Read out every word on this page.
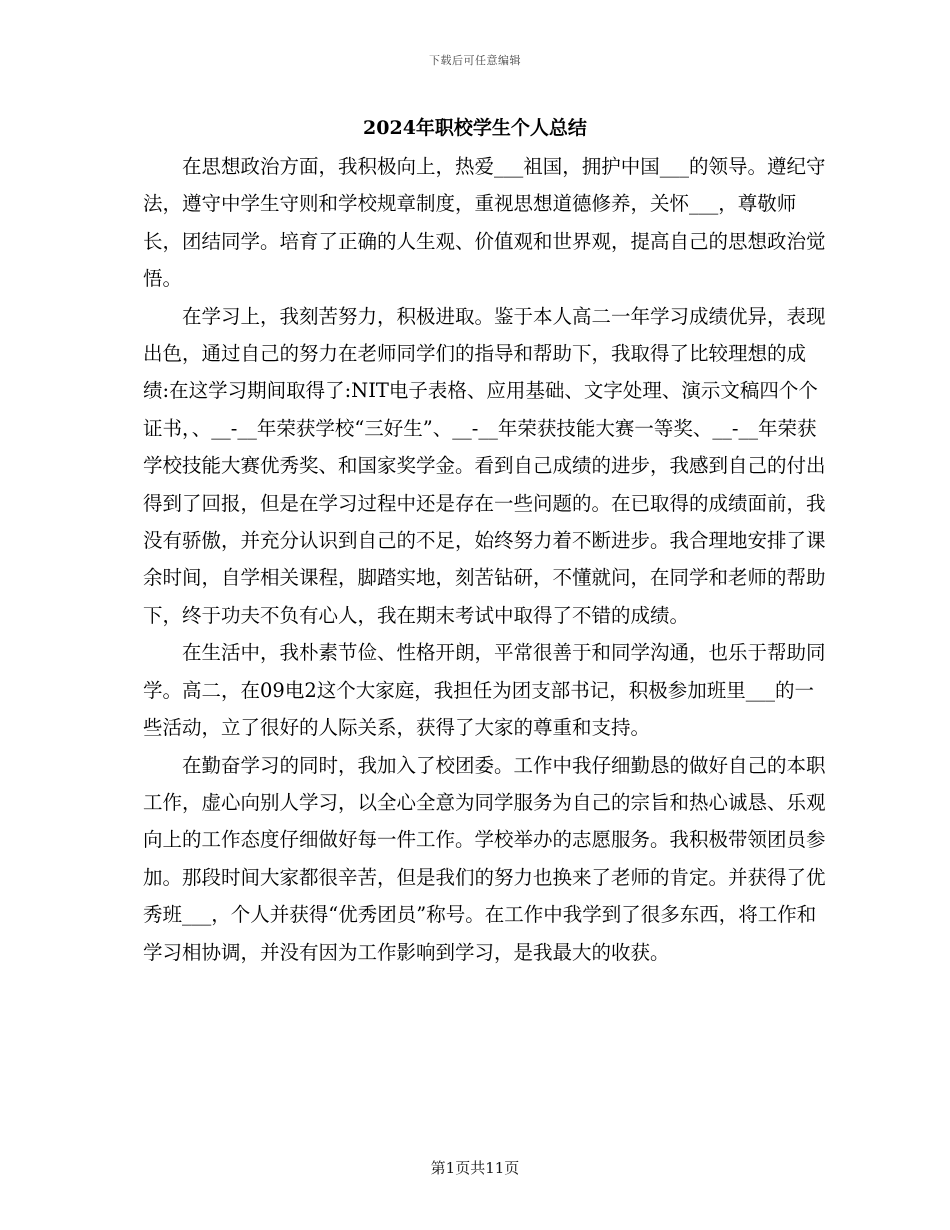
下载后可任意编辑
2024年职校学生个人总结

在思想政治方面，我积极向上，热爱___祖国，拥护中国___的领导。遵纪守法，遵守中学生守则和学校规章制度，重视思想道德修养，关怀___，尊敬师长，团结同学。培育了正确的人生观、价值观和世界观，提高自己的思想政治觉悟。

在学习上，我刻苦努力，积极进取。鉴于本人高二一年学习成绩优异，表现出色，通过自己的努力在老师同学们的指导和帮助下，我取得了比较理想的成绩:在这学习期间取得了:NIT电子表格、应用基础、文字处理、演示文稿四个个证书，、__-__年荣获学校“三好生”、__-__年荣获技能大赛一等奖、__-__年荣获学校技能大赛优秀奖、和国家奖学金。看到自己成绩的进步，我感到自己的付出得到了回报，但是在学习过程中还是存在一些问题的。在已取得的成绩面前，我没有骄傲，并充分认识到自己的不足，始终努力着不断进步。我合理地安排了课余时间，自学相关课程，脚踏实地，刻苦钻研，不懂就问，在同学和老师的帮助下，终于功夫不负有心人，我在期末考试中取得了不错的成绩。

在生活中，我朴素节俭、性格开朗，平常很善于和同学沟通，也乐于帮助同学。高二，在09电2这个大家庭，我担任为团支部书记，积极参加班里___的一些活动，立了很好的人际关系，获得了大家的尊重和支持。

在勤奋学习的同时，我加入了校团委。工作中我仔细勤恳的做好自己的本职工作，虚心向别人学习，以全心全意为同学服务为自己的宗旨和热心诚恳、乐观向上的工作态度仔细做好每一件工作。学校举办的志愿服务。我积极带领团员参加。那段时间大家都很辛苦，但是我们的努力也换来了老师的肯定。并获得了优秀班___，个人并获得“优秀团员”称号。在工作中我学到了很多东西，将工作和学习相协调，并没有因为工作影响到学习，是我最大的收获。

第1页共11页
